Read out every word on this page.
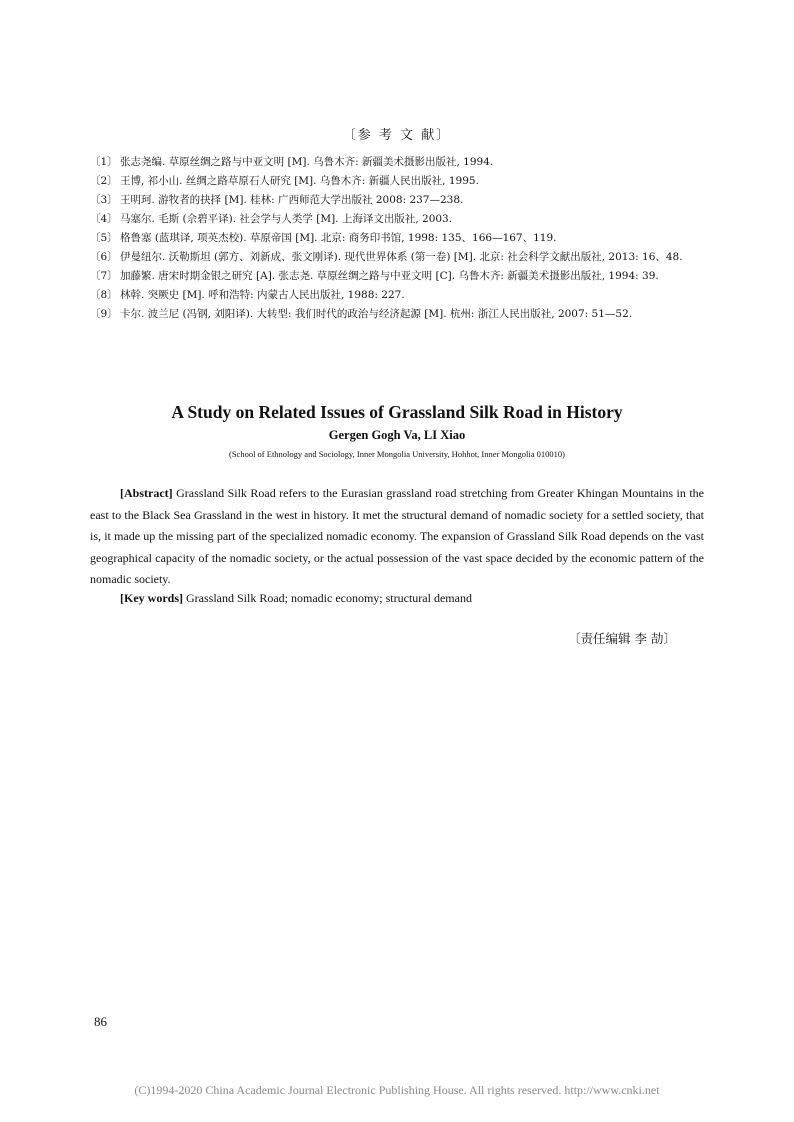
〔参 考 文 献〕
〔1〕 张志尧编. 草原丝绸之路与中亚文明 [M]. 乌鲁木齐: 新疆美术摄影出版社, 1994.
〔2〕 王博, 祁小山. 丝绸之路草原石人研究 [M]. 乌鲁木齐: 新疆人民出版社, 1995.
〔3〕 王明珂. 游牧者的抉择 [M]. 桂林: 广西师范大学出版社 2008: 237—238.
〔4〕 马塞尔. 毛斯 (佘碧平译). 社会学与人类学 [M]. 上海译文出版社, 2003.
〔5〕 格鲁塞 (蓝琪译, 项英杰校). 草原帝国 [M]. 北京: 商务印书馆, 1998: 135、166—167、119.
〔6〕 伊曼纽尔. 沃勒斯坦 (郭方、刘新成、张文刚译). 现代世界体系 (第一卷) [M]. 北京: 社会科学文献出版社, 2013: 16、48.
〔7〕 加藤繁. 唐宋时期金银之研究 [A]. 张志尧. 草原丝绸之路与中亚文明 [C]. 乌鲁木齐: 新疆美术摄影出版社, 1994: 39.
〔8〕 林幹. 突厥史 [M]. 呼和浩特: 内蒙古人民出版社, 1988: 227.
〔9〕 卡尔. 波兰尼 (冯钢, 刘阳译). 大转型: 我们时代的政治与经济起源 [M]. 杭州: 浙江人民出版社, 2007: 51—52.
A Study on Related Issues of Grassland Silk Road in History
Gergen Gogh Va, LI Xiao
(School of Ethnology and Sociology, Inner Mongolia University, Hohhot, Inner Mongolia 010010)
[Abstract] Grassland Silk Road refers to the Eurasian grassland road stretching from Greater Khingan Mountains in the east to the Black Sea Grassland in the west in history. It met the structural demand of nomadic society for a settled society, that is, it made up the missing part of the specialized nomadic economy. The expansion of Grassland Silk Road depends on the vast geographical capacity of the nomadic society, or the actual possession of the vast space decided by the economic pattern of the nomadic society.
[Key words] Grassland Silk Road; nomadic economy; structural demand
〔责任编辑 李 劼〕
86
(C)1994-2020 China Academic Journal Electronic Publishing House. All rights reserved. http://www.cnki.net
